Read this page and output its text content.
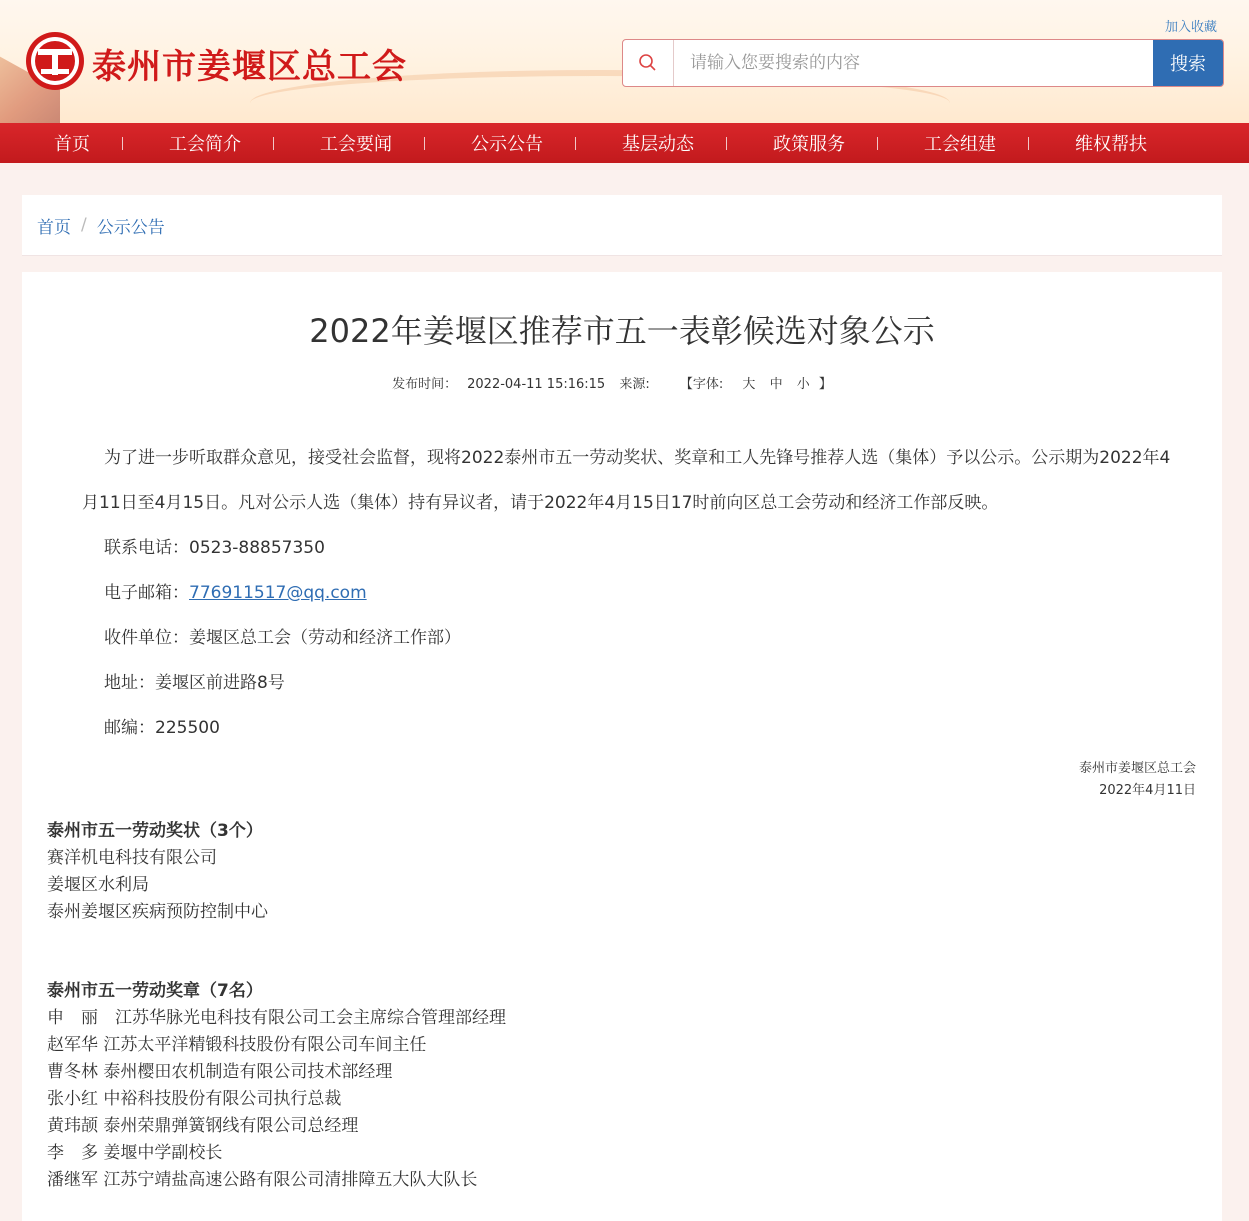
泰州市姜堰区总工会
加入收藏
请输入您要搜索的内容
搜索
首页	工会简介	工会要闻	公示公告	基层动态	政策服务	工会组建	维权帮扶
首页 / 公示公告
2022年姜堰区推荐市五一表彰候选对象公示
发布时间： 2022-04-11 15:16:15 来源: 【字体: 大 中 小 】

为了进一步听取群众意见，接受社会监督，现将2022泰州市五一劳动奖状、奖章和工人先锋号推荐人选（集体）予以公示。公示期为2022年4月11日至4月15日。凡对公示人选（集体）持有异议者，请于2022年4月15日17时前向区总工会劳动和经济工作部反映。

联系电话：0523-88857350

电子邮箱：776911517@qq.com

收件单位：姜堰区总工会（劳动和经济工作部）

地址：姜堰区前进路8号

邮编：225500

泰州市姜堰区总工会
2022年4月11日
泰州市五一劳动奖状（3个）
赛洋机电科技有限公司
姜堰区水利局
泰州姜堰区疾病预防控制中心
泰州市五一劳动奖章（7名）
申　丽　江苏华脉光电科技有限公司工会主席综合管理部经理
赵军华 江苏太平洋精锻科技股份有限公司车间主任
曹冬林 泰州樱田农机制造有限公司技术部经理
张小红 中裕科技股份有限公司执行总裁
黄玮颉 泰州荣鼎弹簧钢线有限公司总经理
李　多 姜堰中学副校长
潘继军 江苏宁靖盐高速公路有限公司清排障五大队大队长
